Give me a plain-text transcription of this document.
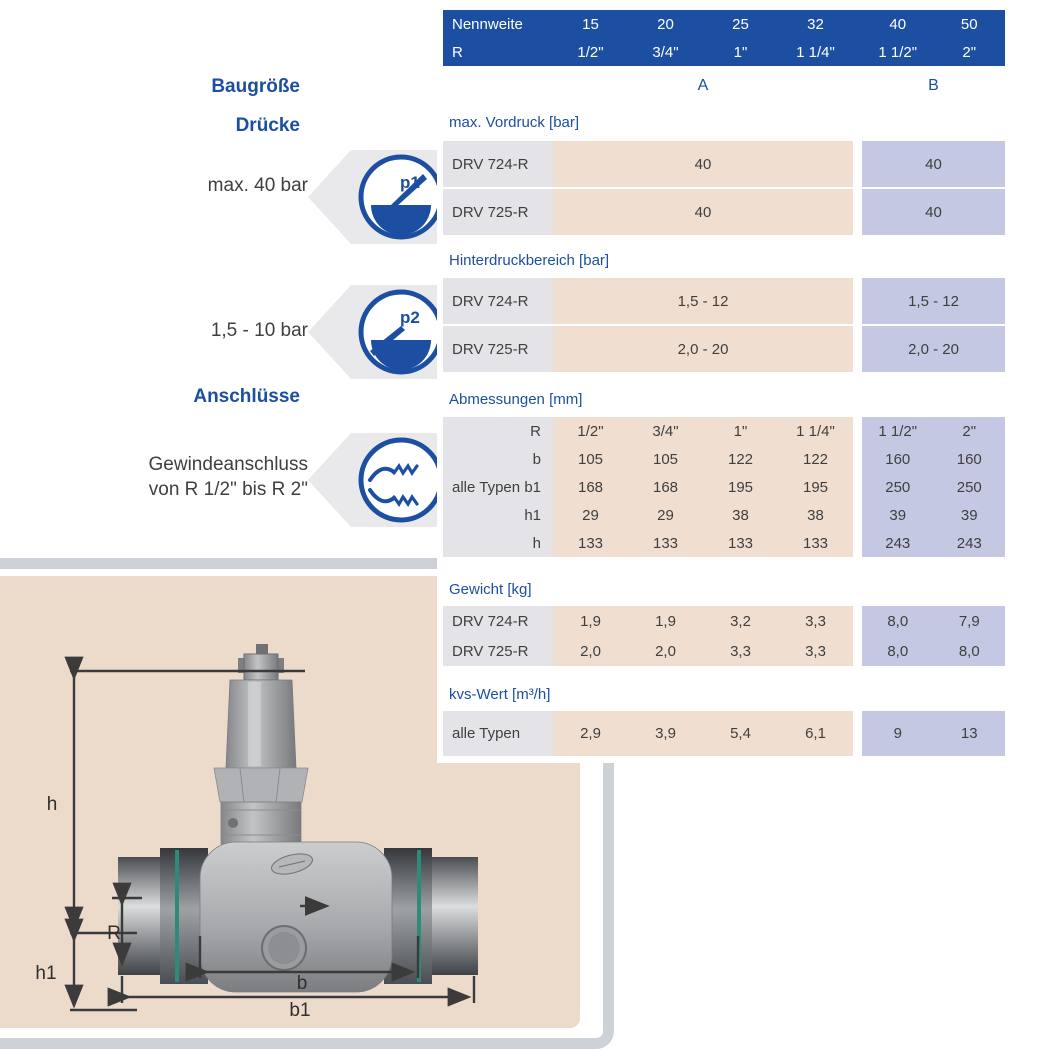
h
h1
R
b
b1
Nennweite	15	20	25	32	40	50
R	1/2"	3/4"	1"	1 1/4"	1 1/2"	2"
A	B
max. Vordruck [bar]
DRV 724-R	40	40
DRV 725-R	40	40
Hinterdruckbereich [bar]
DRV 724-R	1,5 - 12	1,5 - 12
DRV 725-R	2,0 - 20	2,0 - 20
Abmessungen [mm]
R	1/2"	3/4"	1"	1 1/4"	1 1/2"	2"
b	105	105	122	122	160	160
alle Typen b1	168	168	195	195	250	250
h1	29	29	38	38	39	39
h	133	133	133	133	243	243
Gewicht [kg]
DRV 724-R	1,9	1,9	3,2	3,3	8,0	7,9
DRV 725-R	2,0	2,0	3,3	3,3	8,0	8,0
kvs-Wert [m³/h]
alle Typen	2,9	3,9	5,4	6,1	9	13
Baugröße
Drücke
max. 40 bar
1,5 - 10 bar
Anschlüsse
Gewindeanschluss
von R 1/2" bis R 2"
p1
p2
